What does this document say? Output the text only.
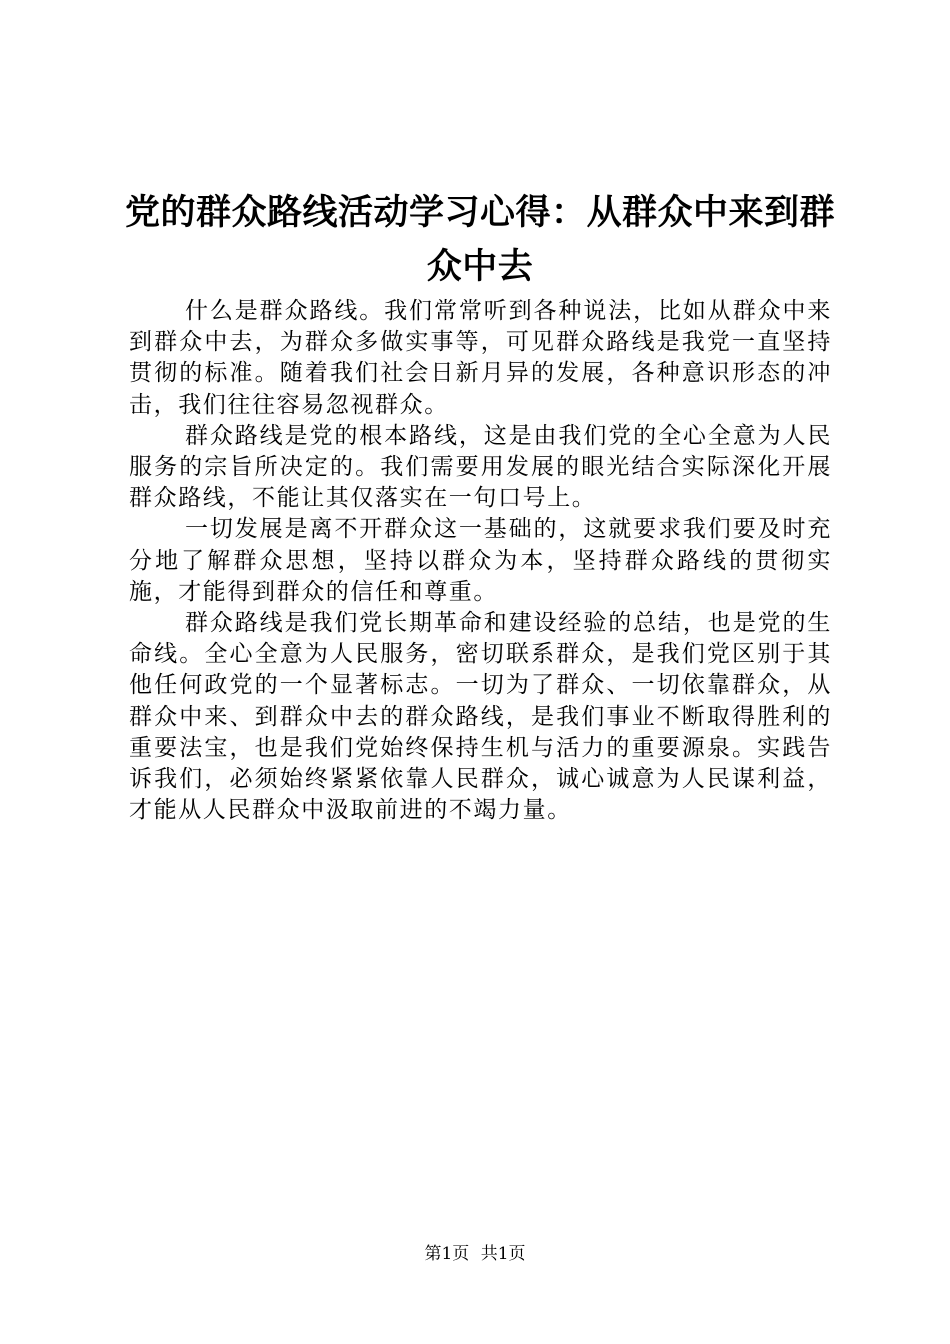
党的群众路线活动学习心得：从群众中来到群众中去

什么是群众路线。我们常常听到各种说法，比如从群众中来到群众中去，为群众多做实事等，可见群众路线是我党一直坚持贯彻的标准。随着我们社会日新月异的发展，各种意识形态的冲击，我们往往容易忽视群众。

群众路线是党的根本路线，这是由我们党的全心全意为人民服务的宗旨所决定的。我们需要用发展的眼光结合实际深化开展群众路线，不能让其仅落实在一句口号上。

一切发展是离不开群众这一基础的，这就要求我们要及时充分地了解群众思想，坚持以群众为本，坚持群众路线的贯彻实施，才能得到群众的信任和尊重。

群众路线是我们党长期革命和建设经验的总结，也是党的生命线。全心全意为人民服务，密切联系群众，是我们党区别于其他任何政党的一个显著标志。一切为了群众、一切依靠群众，从群众中来、到群众中去的群众路线，是我们事业不断取得胜利的重要法宝，也是我们党始终保持生机与活力的重要源泉。实践告诉我们，必须始终紧紧依靠人民群众，诚心诚意为人民谋利益，才能从人民群众中汲取前进的不竭力量。

第1页 共1页
